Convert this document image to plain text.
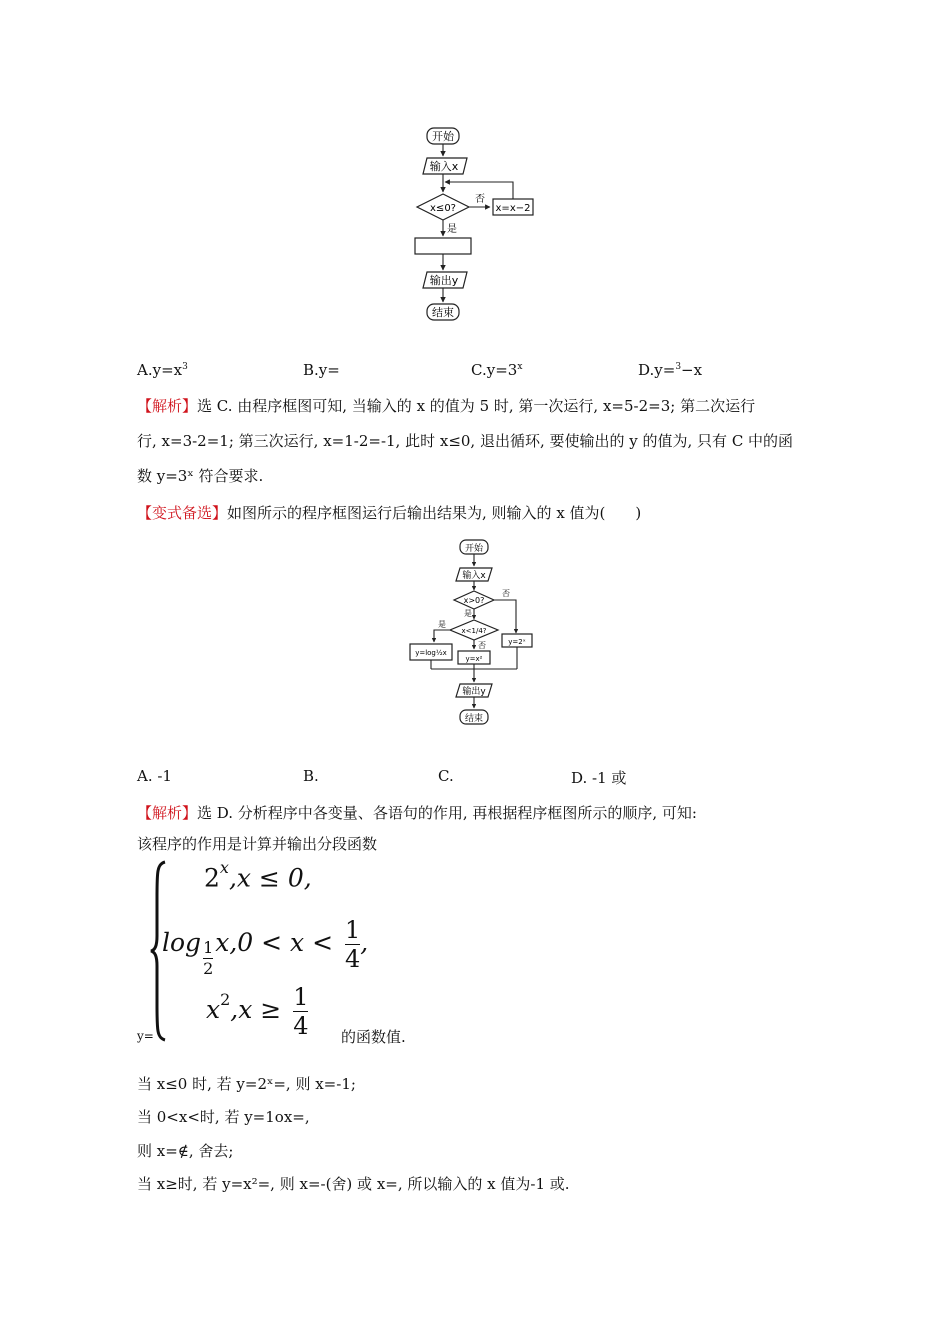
开始
输入x
x≤0?
否
x=x−2
是
输出y
结束
$A.y=x^3$	B.y=	$C.y=3^x$	D.y=$^3$−x
【解析】选 C. 由程序框图可知, 当输入的 x 的值为 5 时, 第一次运行, x=5-2=3; 第二次运行
行, x=3-2=1; 第三次运行, x=1-2=-1, 此时 x≤0, 退出循环, 要使输出的 y 的值为, 只有 C 中的函
数 y=3ˣ 符合要求.
【变式备选】如图所示的程序框图运行后输出结果为, 则输入的 x 值为(　　)
开始
输入x
x>0?
否
是
x<1/4?
是
否
y=log½x
y=x²
y=2ˣ
输出y
结束
A. -1	B.	C.	D. -1 或
【解析】选 D. 分析程序中各变量、各语句的作用, 再根据程序框图所示的顺序, 可知:
该程序的作用是计算并输出分段函数
$2^x,x \le 0$,
$\log \frac{1}{2} x,0 < x < \frac{1}{4}$ ,
$x^2,x \ge \frac{1}{4}$
y=	的函数值.
当 x≤0 时, 若 y=2ˣ=, 则 x=-1;
当 0<x<时, 若 y=1ox=,
则 x=∉, 舍去;
当 x≥时, 若 y=x²=, 则 x=-(舍) 或 x=, 所以输入的 x 值为-1 或.
